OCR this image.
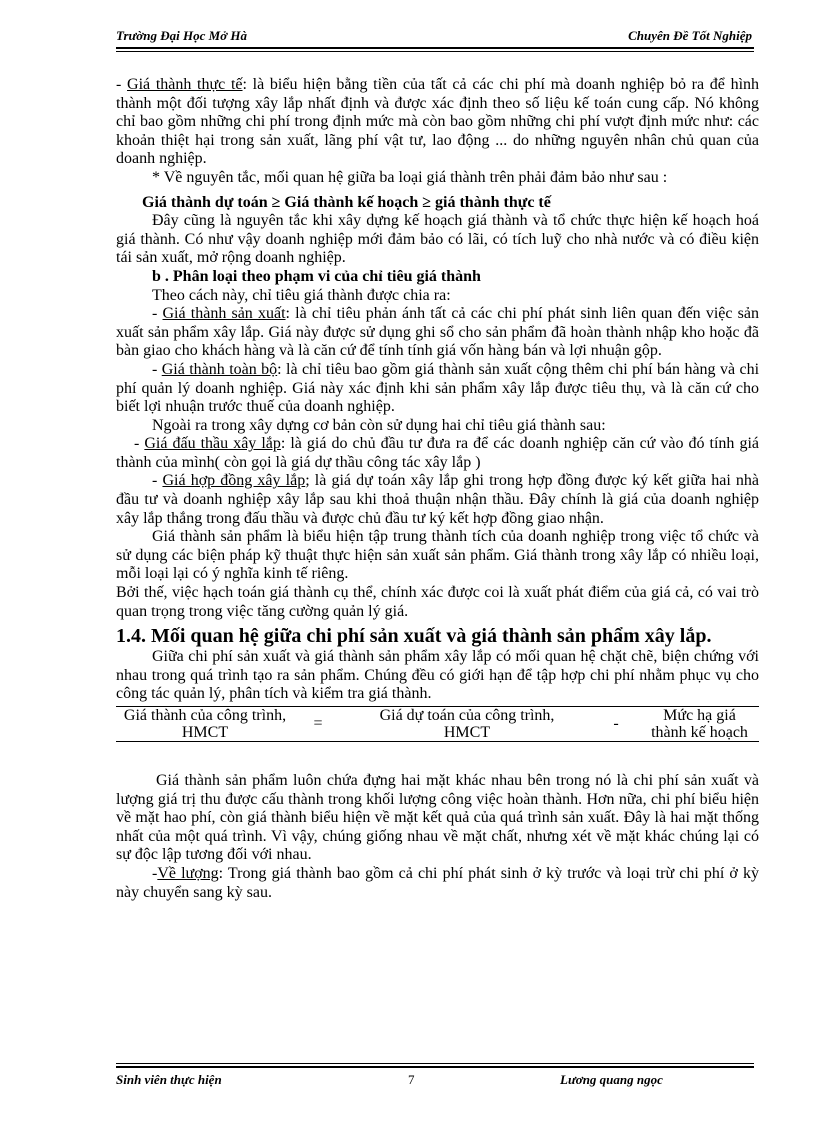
Trường Đại Học Mở Hà	Chuyên Đề Tốt Nghiệp

- Giá thành thực tế: là biểu hiện bằng tiền của tất cả các chi phí mà doanh nghiệp bỏ ra để hình thành một đối tượng xây lắp nhất định và được xác định theo số liệu kế toán cung cấp. Nó không chỉ bao gồm những chi phí trong định mức mà còn bao gồm những chi phí vượt định mức như: các khoản thiệt hại trong sản xuất, lãng phí vật tư, lao động ... do những nguyên nhân chủ quan của doanh nghiệp.

* Về nguyên tắc, mối quan hệ giữa ba loại giá thành trên phải đảm bảo như sau :

Giá thành dự toán ≥ Giá thành kế hoạch ≥ giá thành thực tế

Đây cũng là nguyên tắc khi xây dựng kế hoạch giá thành và tổ chức thực hiện kế hoạch hoá giá thành. Có như vậy doanh nghiệp mới đảm bảo có lãi, có tích luỹ cho nhà nước và có điều kiện tái sản xuất, mở rộng doanh nghiệp.

b . Phân loại theo phạm vi của chỉ tiêu giá thành

Theo cách này, chỉ tiêu giá thành được chia ra:

- Giá thành sản xuất: là chỉ tiêu phản ánh tất cả các chi phí phát sinh liên quan đến việc sản xuất sản phẩm xây lắp. Giá này được sử dụng ghi sổ cho sản phẩm đã hoàn thành nhập kho hoặc đã bàn giao cho khách hàng và là căn cứ để tính tính giá vốn hàng bán và lợi nhuận gộp.

- Giá thành toàn bộ: là chỉ tiêu bao gồm giá thành sản xuất cộng thêm chi phí bán hàng và chi phí quản lý doanh nghiệp. Giá này xác định khi sản phẩm xây lắp được tiêu thụ, và là căn cứ cho biết lợi nhuận trước thuế của doanh nghiệp.

Ngoài ra trong xây dựng cơ bản còn sử dụng hai chỉ tiêu giá thành sau:

- Giá đấu thầu xây lắp: là giá do chủ đầu tư đưa ra để các doanh nghiệp căn cứ vào đó tính giá thành của mình( còn gọi là giá dự thầu công tác xây lắp )

- Giá hợp đồng xây lắp; là giá dự toán xây lắp ghi trong hợp đồng được ký kết giữa hai nhà đầu tư và doanh nghiệp xây lắp sau khi thoả thuận nhận thầu. Đây chính là giá của doanh nghiệp xây lắp thắng trong đấu thầu và được chủ đầu tư ký kết hợp đồng giao nhận.

Giá thành sản phẩm là biểu hiện tập trung thành tích của doanh nghiệp trong việc tổ chức và sử dụng các biện pháp kỹ thuật thực hiện sản xuất sản phẩm. Giá thành trong xây lắp có nhiều loại, mỗi loại lại có ý nghĩa kinh tế riêng.

Bởi thế, việc hạch toán giá thành cụ thể, chính xác được coi là xuất phát điểm của giá cả, có vai trò quan trọng trong việc tăng cường quản lý giá.

1.4. Mối quan hệ giữa chi phí sản xuất và giá thành sản phẩm xây lắp.

Giữa chi phí sản xuất và giá thành sản phẩm xây lắp có mối quan hệ chặt chẽ, biện chứng với nhau trong quá trình tạo ra sản phẩm. Chúng đều có giới hạn để tập hợp chi phí nhằm phục vụ cho công tác quản lý, phân tích và kiểm tra giá thành.

Giá thành của công trình, HMCT	=	Giá dự toán của công trình, HMCT	-	Mức hạ giá thành kế hoạch

Giá thành sản phẩm luôn chứa đựng hai mặt khác nhau bên trong nó là chi phí sản xuất và lượng giá trị thu được cấu thành trong khối lượng công việc hoàn thành. Hơn nữa, chi phí biểu hiện về mặt hao phí, còn giá thành biểu hiện về mặt kết quả của quá trình sản xuất. Đây là hai mặt thống nhất của một quá trình. Vì vậy, chúng giống nhau về mặt chất, nhưng xét về mặt khác chúng lại có sự độc lập tương đối với nhau.

-Về lượng: Trong giá thành bao gồm cả chi phí phát sinh ở kỳ trước và loại trừ chi phí ở kỳ này chuyển sang kỳ sau.

Sinh viên thực hiện	7	Lương quang ngọc
